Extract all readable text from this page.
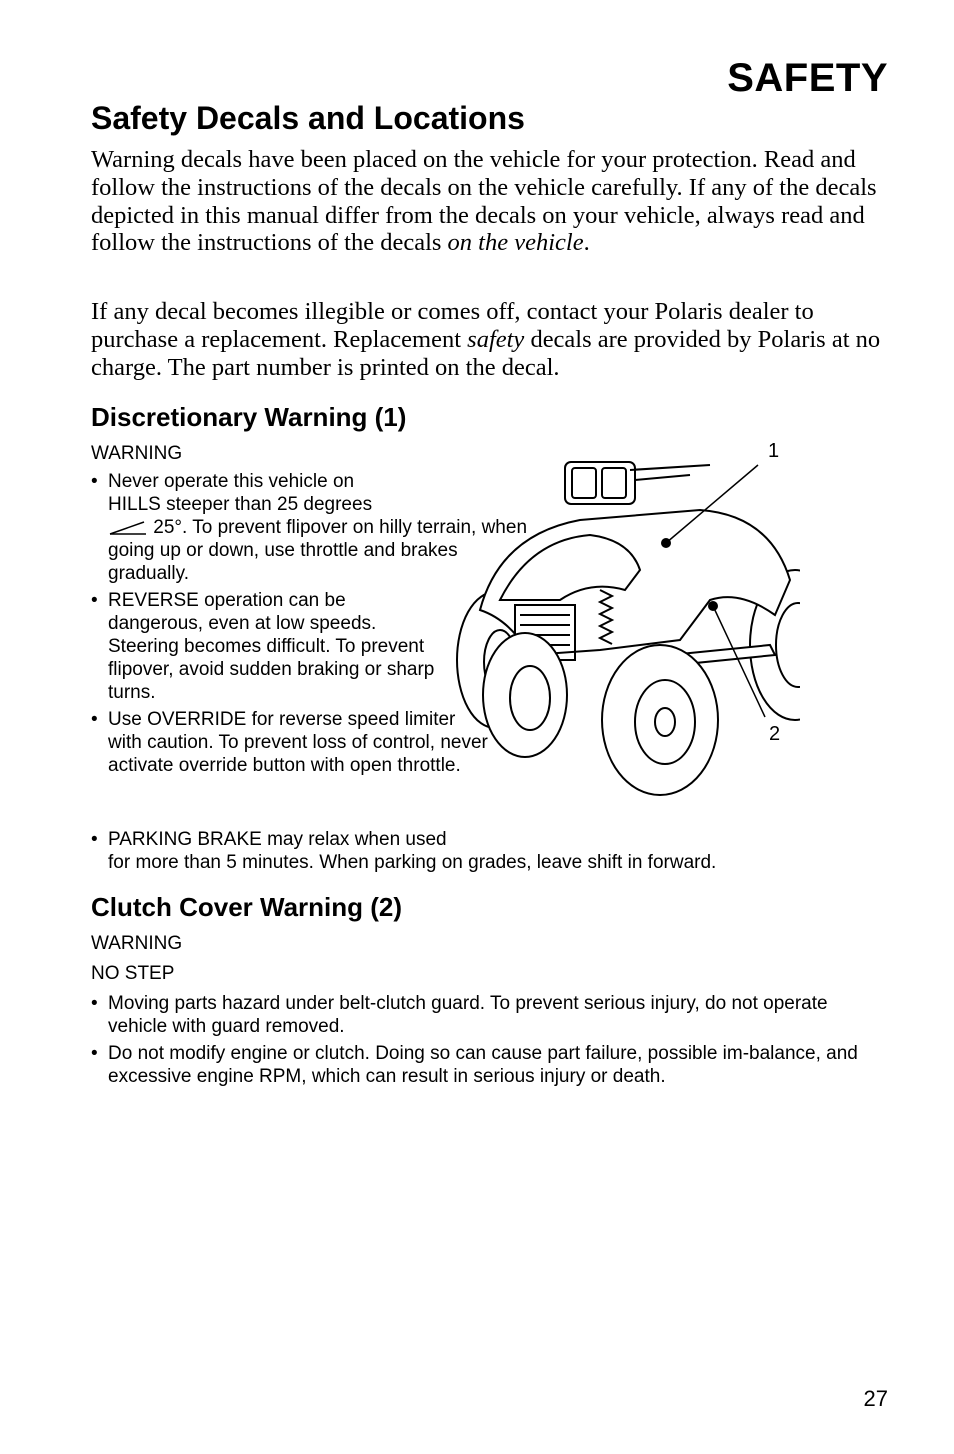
SAFETY
Safety Decals and Locations

Warning decals have been placed on the vehicle for your protection. Read and follow the instructions of the decals on the vehicle carefully. If any of the decals depicted in this manual differ from the decals on your vehicle, always read and follow the instructions of the decals on the vehicle.

If any decal becomes illegible or comes off, contact your Polaris dealer to purchase a replacement. Replacement safety decals are provided by Polaris at no charge. The part number is printed on the decal.

Discretionary Warning (1)
WARNING
• Never operate this vehicle on
HILLS steeper than 25 degrees
25°. To prevent flipover on hilly terrain, when going up or down, use throttle and brakes gradually.
• REVERSE operation can be dangerous, even at low speeds. Steering becomes difficult. To prevent flipover, avoid sudden braking or sharp turns.
• Use OVERRIDE for reverse speed limiter with caution. To prevent loss of control, never activate override button with open throttle.
• PARKING BRAKE may relax when used
for more than 5 minutes. When parking on grades, leave shift in forward.
1
2
Clutch Cover Warning (2)
WARNING
NO STEP
• Moving parts hazard under belt-clutch guard. To prevent serious injury, do not operate vehicle with guard removed.
• Do not modify engine or clutch. Doing so can cause part failure, possible im-balance, and excessive engine RPM, which can result in serious injury or death.
27
